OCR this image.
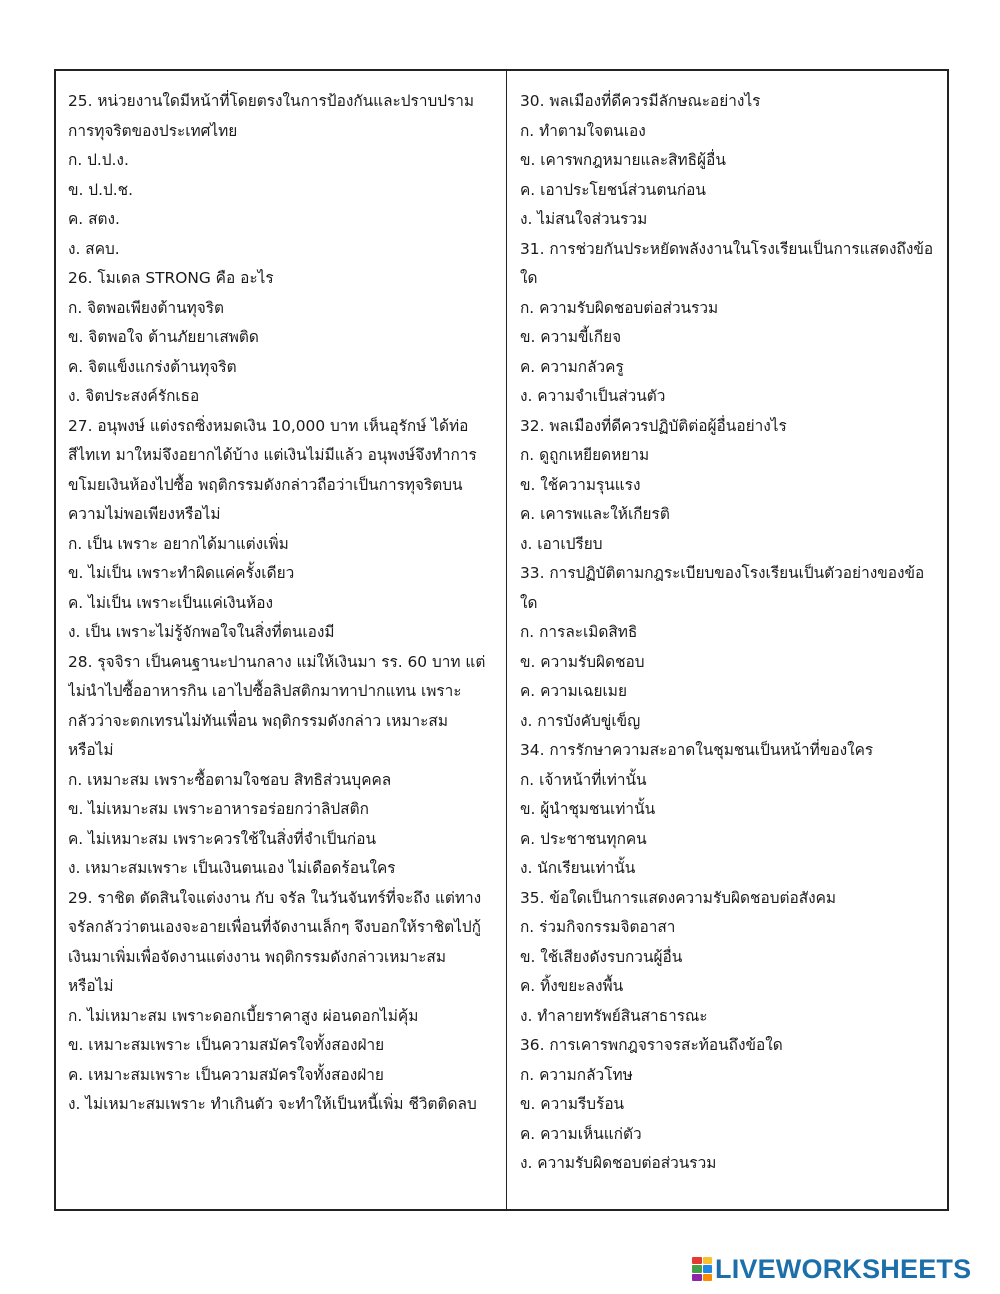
25. หน่วยงานใดมีหน้าที่โดยตรงในการป้องกันและปราบปราม
การทุจริตของประเทศไทย
ก. ป.ป.ง.
ข. ป.ป.ช.
ค. สตง.
ง. สคบ.
26. โมเดล STRONG คือ อะไร
ก. จิตพอเพียงต้านทุจริต
ข. จิตพอใจ ต้านภัยยาเสพติด
ค. จิตแข็งแกร่งต้านทุจริต
ง. จิตประสงค์รักเธอ
27. อนุพงษ์ แต่งรถซิ่งหมดเงิน 10,000 บาท เห็นอุรักษ์ ได้ท่อ
สีไทเท มาใหม่จึงอยากได้บ้าง แต่เงินไม่มีแล้ว อนุพงษ์จึงทำการ
ขโมยเงินห้องไปซื้อ พฤติกรรมดังกล่าวถือว่าเป็นการทุจริตบน
ความไม่พอเพียงหรือไม่
ก. เป็น เพราะ อยากได้มาแต่งเพิ่ม
ข. ไม่เป็น เพราะทำผิดแค่ครั้งเดียว
ค. ไม่เป็น เพราะเป็นแค่เงินห้อง
ง. เป็น เพราะไม่รู้จักพอใจในสิ่งที่ตนเองมี
28. รุจจิรา เป็นคนฐานะปานกลาง แม่ให้เงินมา รร. 60 บาท แต่
ไม่นำไปซื้ออาหารกิน เอาไปซื้อลิปสติกมาทาปากแทน เพราะ
กลัวว่าจะตกเทรนไม่ทันเพื่อน พฤติกรรมดังกล่าว เหมาะสม
หรือไม่
ก. เหมาะสม เพราะซื้อตามใจชอบ สิทธิส่วนบุคคล
ข. ไม่เหมาะสม เพราะอาหารอร่อยกว่าลิปสติก
ค. ไม่เหมาะสม เพราะควรใช้ในสิ่งที่จำเป็นก่อน
ง. เหมาะสมเพราะ เป็นเงินตนเอง ไม่เดือดร้อนใคร
29. ราชิต ตัดสินใจแต่งงาน กับ จรัล ในวันจันทร์ที่จะถึง แต่ทาง
จรัลกลัวว่าตนเองจะอายเพื่อนที่จัดงานเล็กๆ จึงบอกให้ราชิตไปกู้
เงินมาเพิ่มเพื่อจัดงานแต่งงาน พฤติกรรมดังกล่าวเหมาะสม
หรือไม่
ก. ไม่เหมาะสม เพราะดอกเบี้ยราคาสูง ผ่อนดอกไม่คุ้ม
ข. เหมาะสมเพราะ เป็นความสมัครใจทั้งสองฝ่าย
ค. เหมาะสมเพราะ เป็นความสมัครใจทั้งสองฝ่าย
ง. ไม่เหมาะสมเพราะ ทำเกินตัว จะทำให้เป็นหนี้เพิ่ม ชีวิตติดลบ
30. พลเมืองที่ดีควรมีลักษณะอย่างไร
ก. ทำตามใจตนเอง
ข. เคารพกฎหมายและสิทธิผู้อื่น
ค. เอาประโยชน์ส่วนตนก่อน
ง. ไม่สนใจส่วนรวม
31. การช่วยกันประหยัดพลังงานในโรงเรียนเป็นการแสดงถึงข้อ
ใด
ก. ความรับผิดชอบต่อส่วนรวม
ข. ความขี้เกียจ
ค. ความกลัวครู
ง. ความจำเป็นส่วนตัว
32. พลเมืองที่ดีควรปฏิบัติต่อผู้อื่นอย่างไร
ก. ดูถูกเหยียดหยาม
ข. ใช้ความรุนแรง
ค. เคารพและให้เกียรติ
ง. เอาเปรียบ
33. การปฏิบัติตามกฎระเบียบของโรงเรียนเป็นตัวอย่างของข้อ
ใด
ก. การละเมิดสิทธิ
ข. ความรับผิดชอบ
ค. ความเฉยเมย
ง. การบังคับขู่เข็ญ
34. การรักษาความสะอาดในชุมชนเป็นหน้าที่ของใคร
ก. เจ้าหน้าที่เท่านั้น
ข. ผู้นำชุมชนเท่านั้น
ค. ประชาชนทุกคน
ง. นักเรียนเท่านั้น
35. ข้อใดเป็นการแสดงความรับผิดชอบต่อสังคม
ก. ร่วมกิจกรรมจิตอาสา
ข. ใช้เสียงดังรบกวนผู้อื่น
ค. ทิ้งขยะลงพื้น
ง. ทำลายทรัพย์สินสาธารณะ
36. การเคารพกฎจราจรสะท้อนถึงข้อใด
ก. ความกลัวโทษ
ข. ความรีบร้อน
ค. ความเห็นแก่ตัว
ง. ความรับผิดชอบต่อส่วนรวม
LIVEWORKSHEETS
